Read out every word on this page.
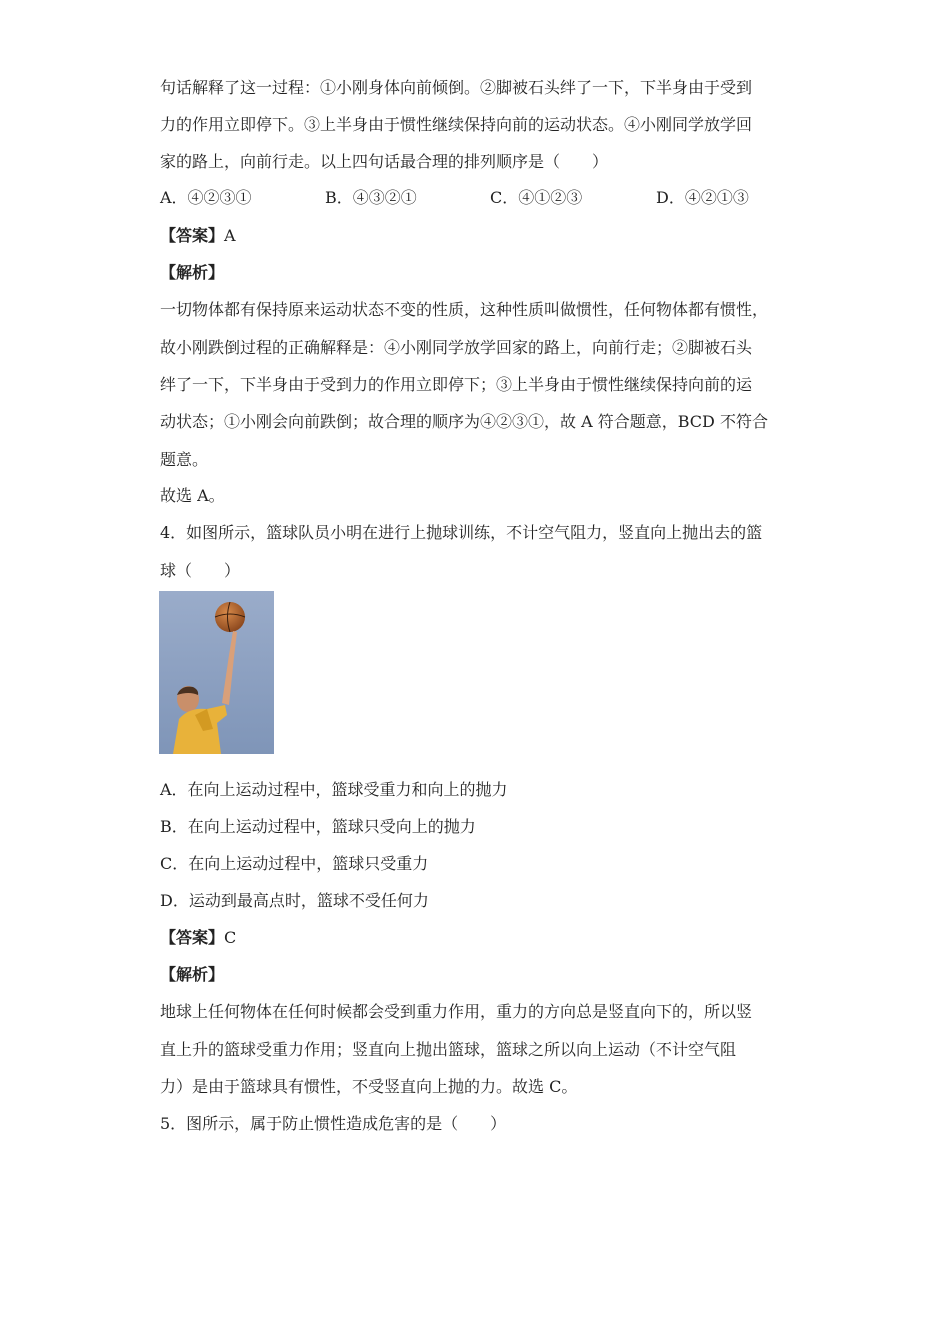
句话解释了这一过程：①小刚身体向前倾倒。②脚被石头绊了一下，下半身由于受到
力的作用立即停下。③上半身由于惯性继续保持向前的运动状态。④小刚同学放学回
家的路上，向前行走。以上四句话最合理的排列顺序是（　　）
A．④②③①	B．④③②①	C．④①②③	D．④②①③
【答案】A
【解析】
一切物体都有保持原来运动状态不变的性质，这种性质叫做惯性，任何物体都有惯性，
故小刚跌倒过程的正确解释是：④小刚同学放学回家的路上，向前行走；②脚被石头
绊了一下，下半身由于受到力的作用立即停下；③上半身由于惯性继续保持向前的运
动状态；①小刚会向前跌倒；故合理的顺序为④②③①，故 A 符合题意，BCD 不符合
题意。
故选 A。
4．如图所示，篮球队员小明在进行上抛球训练，不计空气阻力，竖直向上抛出去的篮
球（　　）
A．在向上运动过程中，篮球受重力和向上的抛力
B．在向上运动过程中，篮球只受向上的抛力
C．在向上运动过程中，篮球只受重力
D．运动到最高点时，篮球不受任何力
【答案】C
【解析】
地球上任何物体在任何时候都会受到重力作用，重力的方向总是竖直向下的，所以竖
直上升的篮球受重力作用；竖直向上抛出篮球，篮球之所以向上运动（不计空气阻
力）是由于篮球具有惯性，不受竖直向上抛的力。故选 C。
5．图所示，属于防止惯性造成危害的是（　　）
